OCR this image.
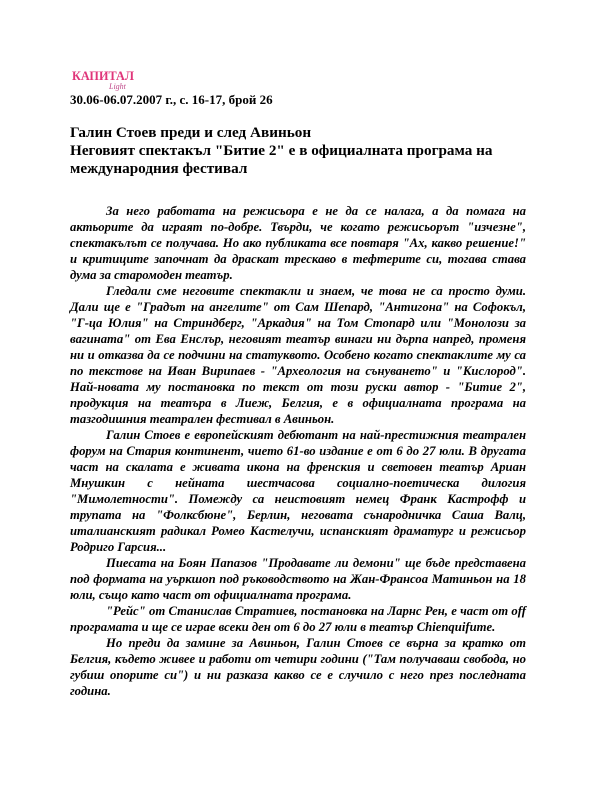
КАПИТАЛ
Light
30.06-06.07.2007 г., с. 16-17, брой 26
Галин Стоев преди и след Авиньон
Неговият спектакъл "Битие 2" е в официалната програма на международния фестивал

За него работата на режисьора е не да се налага, а да помага на актьорите да играят по-добре. Твърди, че когато режисьорът "изчезне", спектакълът се получава. Но ако публиката все повтаря "Ах, какво решение!" и критиците започнат да драскат трескаво в тефтерите си, тогава става дума за старомоден театър.

Гледали сме неговите спектакли и знаем, че това не са просто думи. Дали ще е "Градът на ангелите" от Сам Шепард, "Антигона" на Софокъл, "Г-ца Юлия" на Стриндберг, "Аркадия" на Том Стопард или "Монолози за вагината" от Ева Енслър, неговият театър винаги ни дърпа напред, променя ни и отказва да се подчини на статуквото. Особено когато спектаклите му са по текстове на Иван Вирипаев - "Археология на сънуването" и "Кислород". Най-новата му постановка по текст от този руски автор - "Битие 2", продукция на театъра в Лиеж, Белгия, е в официалната програма на тазгодишния театрален фестивал в Авиньон.

Галин Стоев е европейският дебютант на най-престижния театрален форум на Стария континент, чието 61-во издание е от 6 до 27 юли. В другата част на скалата е живата икона на френския и световен театър Ариан Мнушкин с нейната шестчасова социално-поетическа дилогия "Мимолетности". Помежду са неистовият немец Франк Кастрофф и трупата на "Фолксбюне", Берлин, неговата сънародничка Саша Валц, италианският радикал Ромео Кастелучи, испанският драматург и режисьор Родриго Гарсия...

Пиесата на Боян Папазов "Продавате ли демони" ще бъде представена под формата на уъркшоп под ръководството на Жан-Франсоа Матиньон на 18 юли, също като част от официалната програма.

"Рейс" от Станислав Стратиев, постановка на Ларнс Рен, е част от off програмата и ще се играе всеки ден от 6 до 27 юли в театър Chienquifume.

Но преди да замине за Авиньон, Галин Стоев се върна за кратко от Белгия, където живее и работи от четири години ("Там получаваш свобода, но губиш опорите си") и ни разказа какво се е случило с него през последната година.
